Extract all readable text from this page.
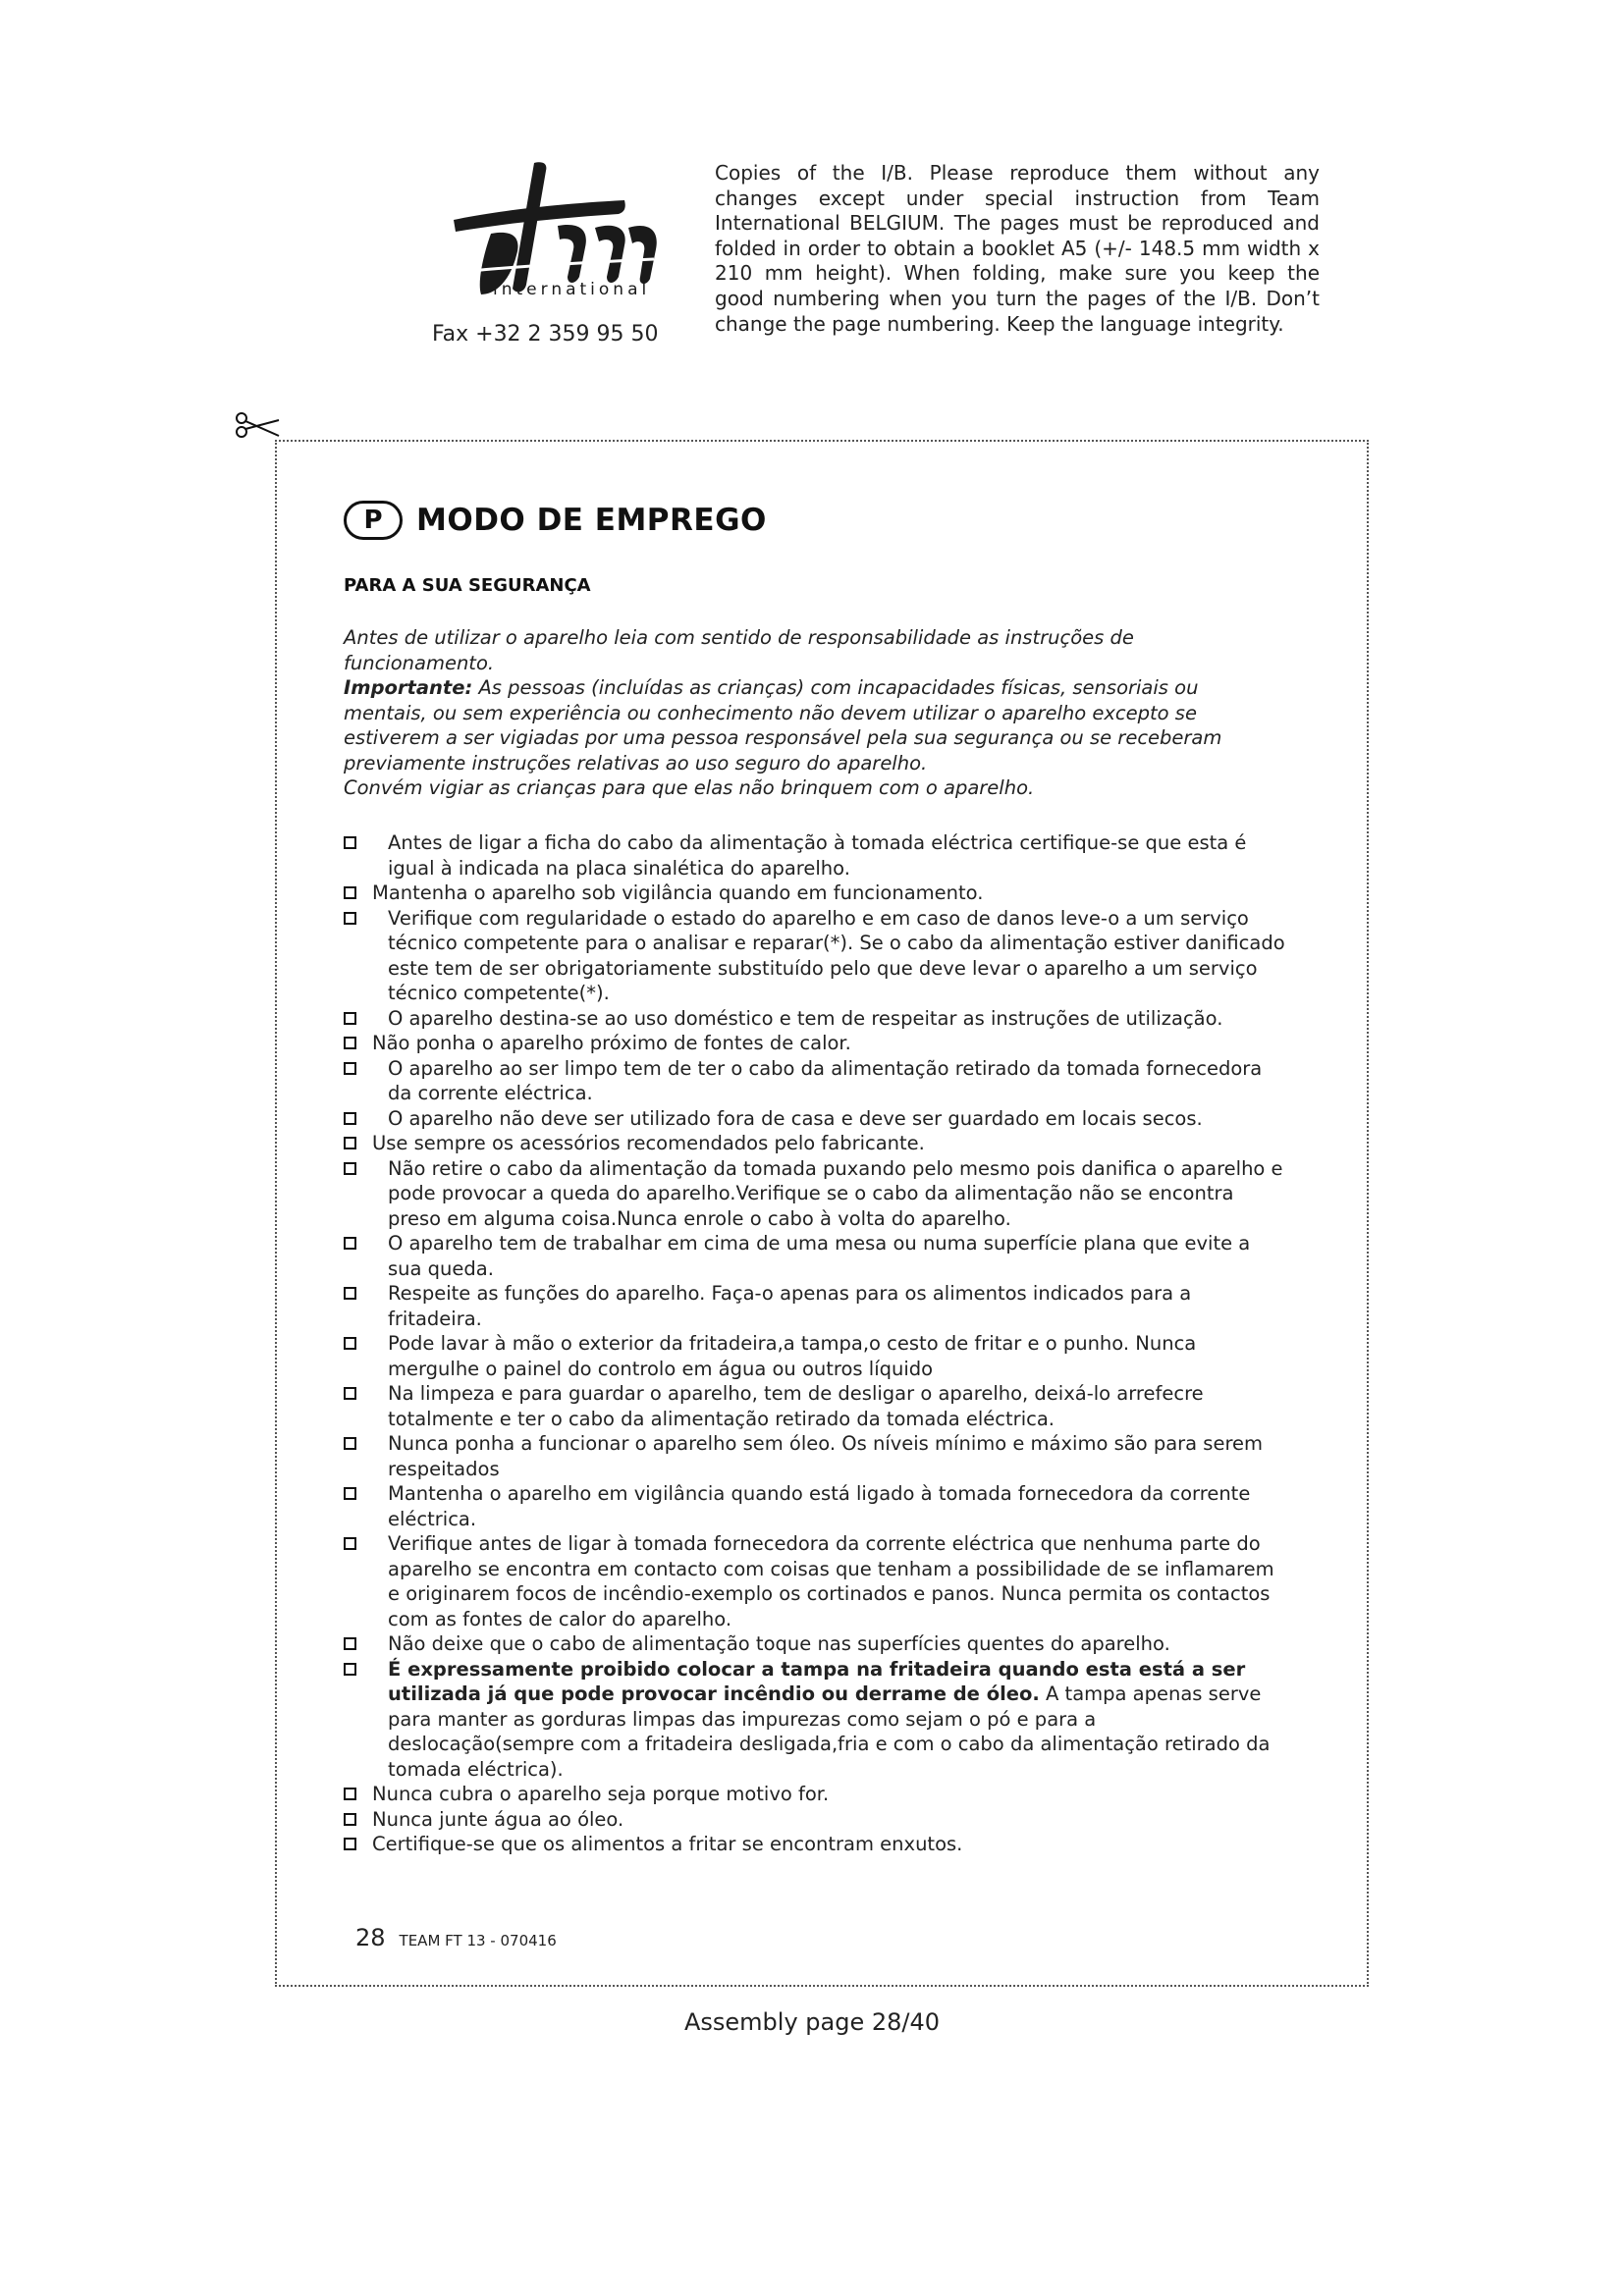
international
Fax +32 2 359 95 50
Copies of the I/B. Please reproduce them without any changes except under special instruction from Team International BELGIUM. The pages must be reproduced and folded in order to obtain a booklet A5 (+/- 148.5 mm width x 210 mm height). When folding, make sure you keep the good numbering when you turn the pages of the I/B. Don’t change the page numbering. Keep the language integrity.
P	MODO DE EMPREGO
PARA A SUA SEGURANÇA
Antes de utilizar o aparelho leia com sentido de responsabilidade as instruções de funcionamento.
Importante: As pessoas (incluídas as crianças) com incapacidades físicas, sensoriais ou mentais, ou sem experiência ou conhecimento não devem utilizar o aparelho excepto se estiverem a ser vigiadas por uma pessoa responsável pela sua segurança ou se receberam previamente instruções relativas ao uso seguro do aparelho.
Convém vigiar as crianças para que elas não brinquem com o aparelho.
Antes de ligar a ficha do cabo da alimentação à tomada eléctrica certifique-se que esta é igual à indicada na placa sinalética do aparelho.
Mantenha o aparelho sob vigilância quando em funcionamento.
Verifique com regularidade o estado do aparelho e em caso de danos leve-o a um serviço técnico competente para o analisar e reparar(*). Se o cabo da alimentação estiver danificado este tem de ser obrigatoriamente substituído pelo que deve levar o aparelho a um serviço técnico competente(*).
O aparelho destina-se ao uso doméstico e tem de respeitar as instruções de utilização.
Não ponha o aparelho próximo de fontes de calor.
O aparelho ao ser limpo tem de ter o cabo da alimentação retirado da tomada fornecedora da corrente eléctrica.
O aparelho não deve ser utilizado fora de casa e deve ser guardado em locais secos.
Use sempre os acessórios recomendados pelo fabricante.
Não retire o cabo da alimentação da tomada puxando pelo mesmo pois danifica o aparelho e pode provocar a queda do aparelho.Verifique se o cabo da alimentação não se encontra preso em alguma coisa.Nunca enrole o cabo à volta do aparelho.
O aparelho tem de trabalhar em cima de uma mesa ou numa superfície plana que evite a sua queda.
Respeite as funções do aparelho. Faça-o apenas para os alimentos indicados para a fritadeira.
Pode lavar à mão o exterior da fritadeira,a tampa,o cesto de fritar e o punho. Nunca mergulhe o painel do controlo em água ou outros líquido
Na limpeza e para guardar o aparelho, tem de desligar o aparelho, deixá-lo arrefecre totalmente e ter o cabo da alimentação retirado da tomada eléctrica.
Nunca ponha a funcionar o aparelho sem óleo. Os níveis mínimo e máximo são para serem respeitados
Mantenha o aparelho em vigilância quando está ligado à tomada fornecedora da corrente eléctrica.
Verifique antes de ligar à tomada fornecedora da corrente eléctrica que nenhuma parte do aparelho se encontra em contacto com coisas que tenham a possibilidade de se inflamarem e originarem focos de incêndio-exemplo os cortinados e panos. Nunca permita os contactos com as fontes de calor do aparelho.
Não deixe que o cabo de alimentação toque nas superfícies quentes do aparelho.
É expressamente proibido colocar a tampa na fritadeira quando esta está a ser utilizada já que pode provocar incêndio ou derrame de óleo. A tampa apenas serve para manter as gorduras limpas das impurezas como sejam o pó e para a deslocação(sempre com a fritadeira desligada,fria e com o cabo da alimentação retirado da tomada eléctrica).
Nunca cubra o aparelho seja porque motivo for.
Nunca junte água ao óleo.
Certifique-se que os alimentos a fritar se encontram enxutos.
28 TEAM FT 13 - 070416
Assembly page 28/40
